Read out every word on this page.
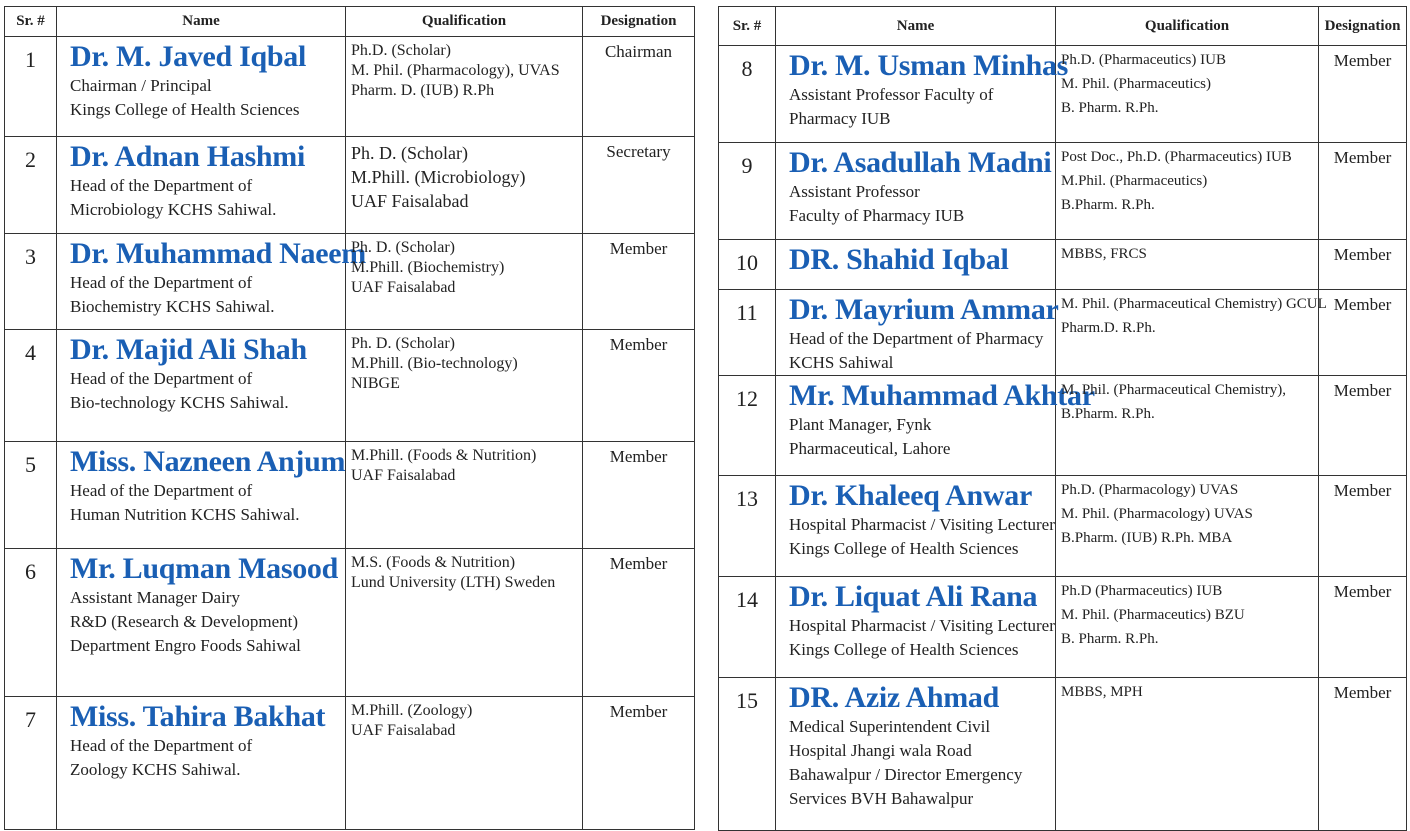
Sr. #	Name	Qualification	Designation
1	Dr. M. Javed Iqbal
Chairman / Principal
Kings College of Health Sciences	Ph.D. (Scholar)
M. Phil. (Pharmacology), UVAS
Pharm. D. (IUB) R.Ph	Chairman
2	Dr. Adnan Hashmi
Head of the Department of
Microbiology KCHS Sahiwal.	Ph. D. (Scholar)
M.Phill. (Microbiology)
UAF Faisalabad	Secretary
3	Dr. Muhammad Naeem
Head of the Department of
Biochemistry KCHS Sahiwal.	Ph. D. (Scholar)
M.Phill. (Biochemistry)
UAF Faisalabad	Member
4	Dr. Majid Ali Shah
Head of the Department of
Bio-technology KCHS Sahiwal.	Ph. D. (Scholar)
M.Phill. (Bio-technology)
NIBGE	Member
5	Miss. Nazneen Anjum
Head of the Department of
Human Nutrition KCHS Sahiwal.	M.Phill. (Foods & Nutrition)
UAF Faisalabad	Member
6	Mr. Luqman Masood
Assistant Manager Dairy
R&D (Research & Development)
Department Engro Foods Sahiwal	M.S. (Foods & Nutrition)
Lund University (LTH) Sweden	Member
7	Miss. Tahira Bakhat
Head of the Department of
Zoology KCHS Sahiwal.	M.Phill. (Zoology)
UAF Faisalabad	Member
Sr. #	Name	Qualification	Designation
8	Dr. M. Usman Minhas
Assistant Professor Faculty of
Pharmacy IUB	Ph.D. (Pharmaceutics) IUB
M. Phil. (Pharmaceutics)
B. Pharm. R.Ph.	Member
9	Dr. Asadullah Madni
Assistant Professor
Faculty of Pharmacy IUB	Post Doc., Ph.D. (Pharmaceutics) IUB
M.Phil. (Pharmaceutics)
B.Pharm. R.Ph.	Member
10	DR. Shahid Iqbal	MBBS, FRCS	Member
11	Dr. Mayrium Ammar
Head of the Department of Pharmacy
KCHS Sahiwal	M. Phil. (Pharmaceutical Chemistry) GCUL
Pharm.D. R.Ph.	Member
12	Mr. Muhammad Akhtar
Plant Manager, Fynk
Pharmaceutical, Lahore	M. Phil. (Pharmaceutical Chemistry),
B.Pharm. R.Ph.	Member
13	Dr. Khaleeq Anwar
Hospital Pharmacist / Visiting Lecturer
Kings College of Health Sciences	Ph.D. (Pharmacology) UVAS
M. Phil. (Pharmacology) UVAS
B.Pharm. (IUB) R.Ph. MBA	Member
14	Dr. Liquat Ali Rana
Hospital Pharmacist / Visiting Lecturer
Kings College of Health Sciences	Ph.D (Pharmaceutics) IUB
M. Phil. (Pharmaceutics) BZU
B. Pharm. R.Ph.	Member
15	DR. Aziz Ahmad
Medical Superintendent Civil
Hospital Jhangi wala Road
Bahawalpur / Director Emergency
Services BVH Bahawalpur	MBBS, MPH	Member
